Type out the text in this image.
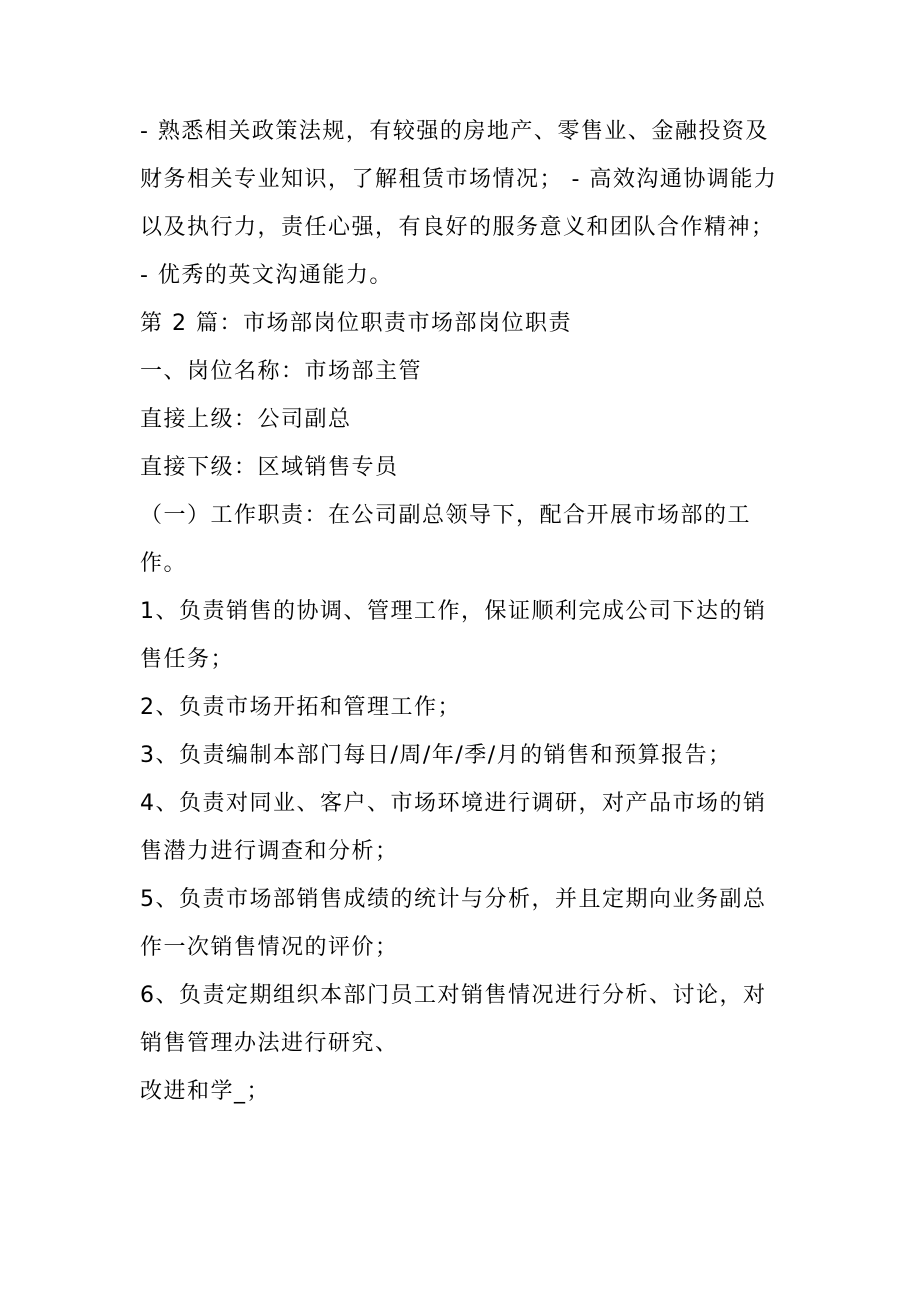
- 熟悉相关政策法规，有较强的房地产、零售业、金融投资及财务相关专业知识，了解租赁市场情况； - 高效沟通协调能力以及执行力，责任心强，有良好的服务意义和团队合作精神；

- 优秀的英文沟通能力。

第 2 篇：市场部岗位职责市场部岗位职责

一、岗位名称：市场部主管

直接上级：公司副总

直接下级：区域销售专员

（一）工作职责：在公司副总领导下，配合开展市场部的工作。

1、负责销售的协调、管理工作，保证顺利完成公司下达的销售任务；

2、负责市场开拓和管理工作；

3、负责编制本部门每日/周/年/季/月的销售和预算报告；

4、负责对同业、客户、市场环境进行调研，对产品市场的销售潜力进行调查和分析；

5、负责市场部销售成绩的统计与分析，并且定期向业务副总作一次销售情况的评价；

6、负责定期组织本部门员工对销售情况进行分析、讨论，对销售管理办法进行研究、

改进和学_；
